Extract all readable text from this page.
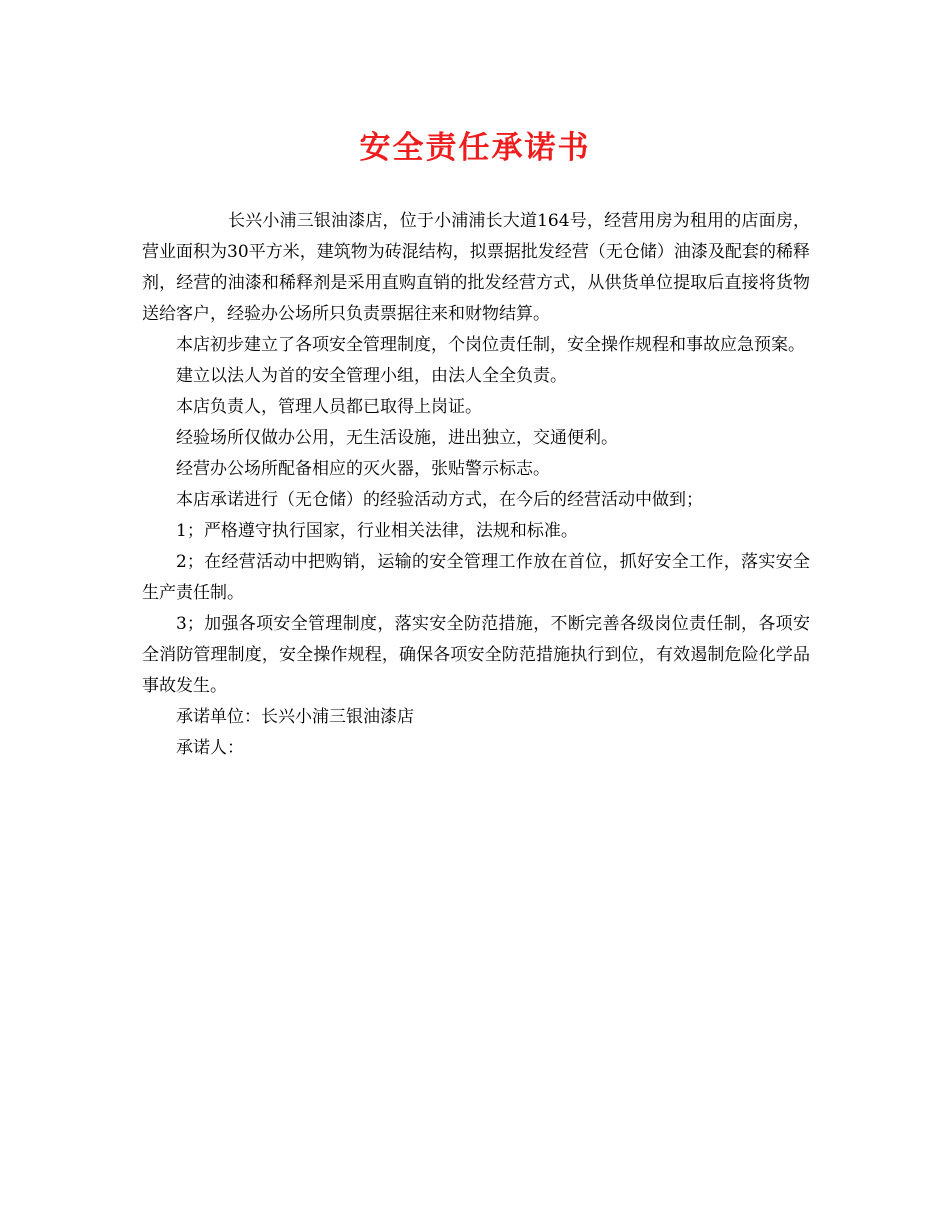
安全责任承诺书

长兴小浦三银油漆店，位于小浦浦长大道164号，经营用房为租用的店面房，营业面积为30平方米，建筑物为砖混结构，拟票据批发经营（无仓储）油漆及配套的稀释剂，经营的油漆和稀释剂是采用直购直销的批发经营方式，从供货单位提取后直接将货物送给客户，经验办公场所只负责票据往来和财物结算。

本店初步建立了各项安全管理制度，个岗位责任制，安全操作规程和事故应急预案。

建立以法人为首的安全管理小组，由法人全全负责。

本店负责人，管理人员都已取得上岗证。

经验场所仅做办公用，无生活设施，进出独立，交通便利。

经营办公场所配备相应的灭火器，张贴警示标志。

本店承诺进行（无仓储）的经验活动方式，在今后的经营活动中做到；

1；严格遵守执行国家，行业相关法律，法规和标准。

2；在经营活动中把购销，运输的安全管理工作放在首位，抓好安全工作，落实安全生产责任制。

3；加强各项安全管理制度，落实安全防范措施，不断完善各级岗位责任制，各项安全消防管理制度，安全操作规程，确保各项安全防范措施执行到位，有效遏制危险化学品事故发生。

承诺单位：长兴小浦三银油漆店

承诺人：
